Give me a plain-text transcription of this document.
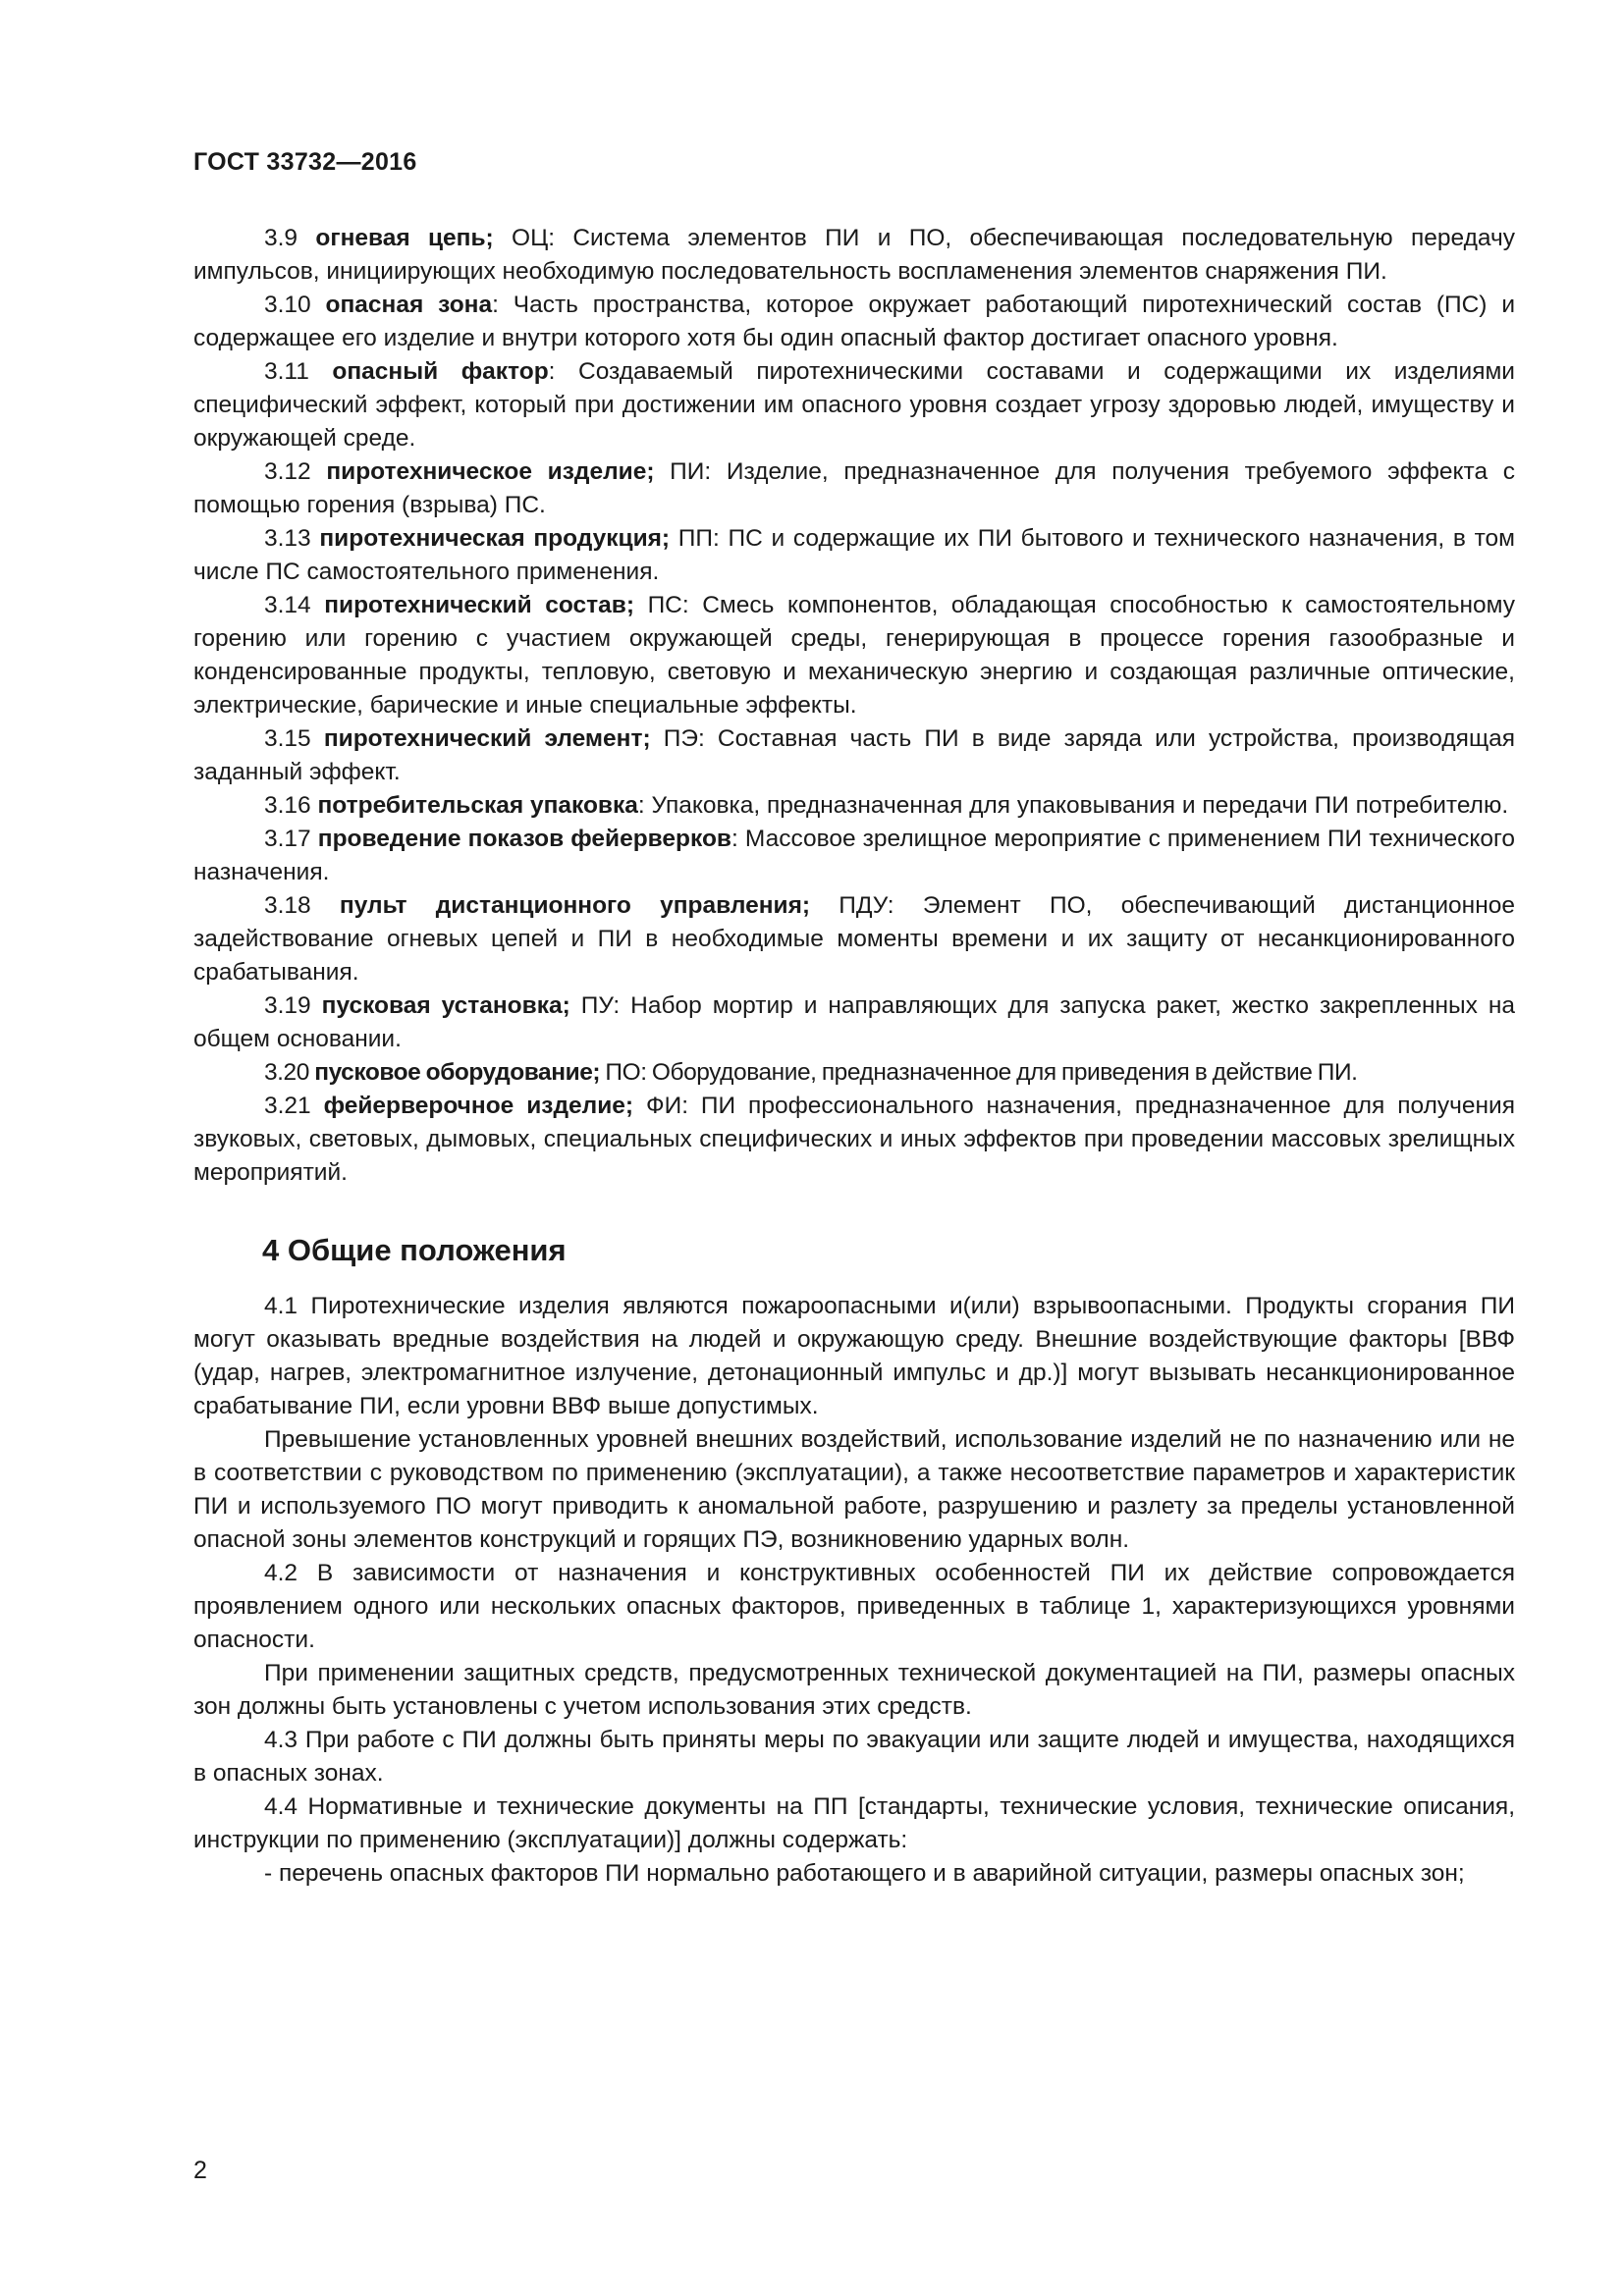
ГОСТ 33732—2016

3.9 огневая цепь; ОЦ: Система элементов ПИ и ПО, обеспечивающая последовательную передачу импульсов, инициирующих необходимую последовательность воспламенения элементов снаряжения ПИ.

3.10 опасная зона: Часть пространства, которое окружает работающий пиротехнический состав (ПС) и содержащее его изделие и внутри которого хотя бы один опасный фактор достигает опасного уровня.

3.11 опасный фактор: Создаваемый пиротехническими составами и содержащими их изделиями специфический эффект, который при достижении им опасного уровня создает угрозу здоровью людей, имуществу и окружающей среде.

3.12 пиротехническое изделие; ПИ: Изделие, предназначенное для получения требуемого эффекта с помощью горения (взрыва) ПС.

3.13 пиротехническая продукция; ПП: ПС и содержащие их ПИ бытового и технического назначения, в том числе ПС самостоятельного применения.

3.14 пиротехнический состав; ПС: Смесь компонентов, обладающая способностью к самостоятельному горению или горению с участием окружающей среды, генерирующая в процессе горения газообразные и конденсированные продукты, тепловую, световую и механическую энергию и создающая различные оптические, электрические, барические и иные специальные эффекты.

3.15 пиротехнический элемент; ПЭ: Составная часть ПИ в виде заряда или устройства, производящая заданный эффект.

3.16 потребительская упаковка: Упаковка, предназначенная для упаковывания и передачи ПИ потребителю.

3.17 проведение показов фейерверков: Массовое зрелищное мероприятие с применением ПИ технического назначения.

3.18 пульт дистанционного управления; ПДУ: Элемент ПО, обеспечивающий дистанционное задействование огневых цепей и ПИ в необходимые моменты времени и их защиту от несанкционированного срабатывания.

3.19 пусковая установка; ПУ: Набор мортир и направляющих для запуска ракет, жестко закрепленных на общем основании.

3.20 пусковое оборудование; ПО: Оборудование, предназначенное для приведения в действие ПИ.

3.21 фейерверочное изделие; ФИ: ПИ профессионального назначения, предназначенное для получения звуковых, световых, дымовых, специальных специфических и иных эффектов при проведении массовых зрелищных мероприятий.

4 Общие положения

4.1 Пиротехнические изделия являются пожароопасными и(или) взрывоопасными. Продукты сгорания ПИ могут оказывать вредные воздействия на людей и окружающую среду. Внешние воздействующие факторы [ВВФ (удар, нагрев, электромагнитное излучение, детонационный импульс и др.)] могут вызывать несанкционированное срабатывание ПИ, если уровни ВВФ выше допустимых.

Превышение установленных уровней внешних воздействий, использование изделий не по назначению или не в соответствии с руководством по применению (эксплуатации), а также несоответствие параметров и характеристик ПИ и используемого ПО могут приводить к аномальной работе, разрушению и разлету за пределы установленной опасной зоны элементов конструкций и горящих ПЭ, возникновению ударных волн.

4.2 В зависимости от назначения и конструктивных особенностей ПИ их действие сопровождается проявлением одного или нескольких опасных факторов, приведенных в таблице 1, характеризующихся уровнями опасности.

При применении защитных средств, предусмотренных технической документацией на ПИ, размеры опасных зон должны быть установлены с учетом использования этих средств.

4.3 При работе с ПИ должны быть приняты меры по эвакуации или защите людей и имущества, находящихся в опасных зонах.

4.4 Нормативные и технические документы на ПП [стандарты, технические условия, технические описания, инструкции по применению (эксплуатации)] должны содержать:

- перечень опасных факторов ПИ нормально работающего и в аварийной ситуации, размеры опасных зон;

2
